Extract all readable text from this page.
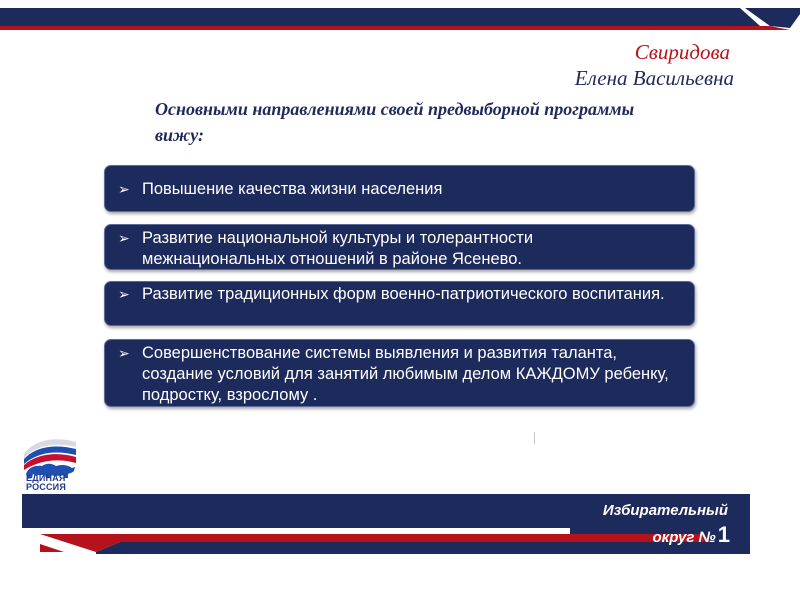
Свиридова
Елена Васильевна
Основными направлениями своей предвыборной программы вижу:
➢ Повышение качества жизни населения
➢ Развитие национальной культуры и толерантности межнациональных отношений в районе Ясенево.
➢ Развитие традиционных форм военно-патриотического воспитания.
➢ Совершенствование системы выявления и развития таланта, создание условий для занятий любимым делом КАЖДОМУ ребенку, подростку, взрослому .
ЕДИНАЯ
РОССИЯ
Избирательный
округ №1
